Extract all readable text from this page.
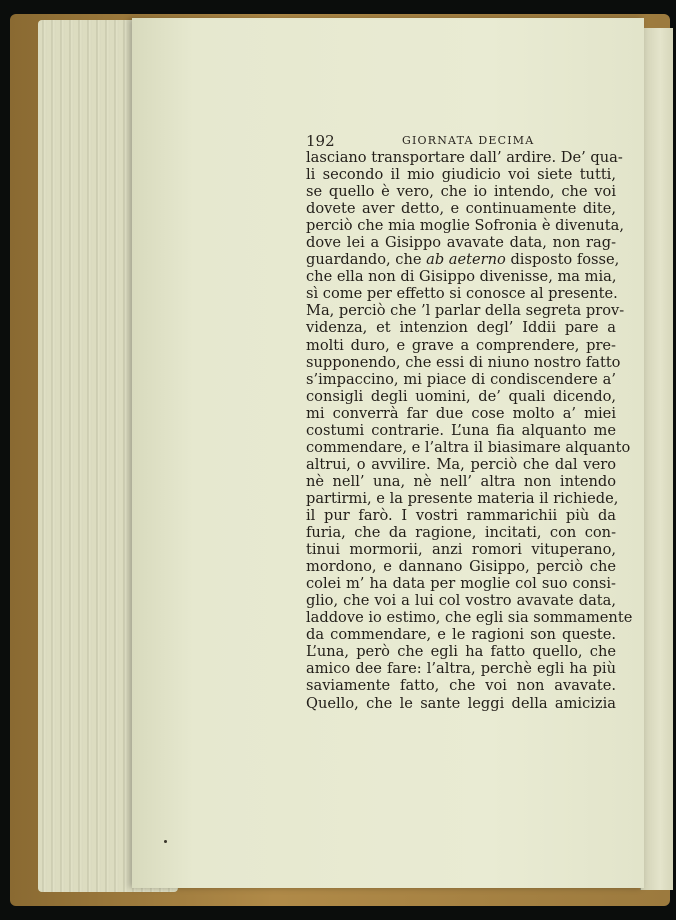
192	GIORNATA DECIMA
lasciano transportare dall’ ardire. De’ qua-
li secondo il mio giudicio voi siete tutti,
se quello è vero, che io intendo, che voi
dovete aver detto, e continuamente dite,
perciò che mia moglie Sofronia è divenuta,
dove lei a Gisippo avavate data, non rag-
guardando, che ab aeterno disposto fosse,
che ella non di Gisippo divenisse, ma mia,
sì come per effetto si conosce al presente.
Ma, perciò che ’l parlar della segreta prov-
videnza, et intenzion degl’ Iddii pare a
molti duro, e grave a comprendere, pre-
supponendo, che essi di niuno nostro fatto
s’impaccino, mi piace di condiscendere a’
consigli degli uomini, de’ quali dicendo,
mi converrà far due cose molto a’ miei
costumi contrarie. L’una fia alquanto me
commendare, e l’altra il biasimare alquanto
altrui, o avvilire. Ma, perciò che dal vero
nè nell’ una, nè nell’ altra non intendo
partirmi, e la presente materia il richiede,
il pur farò. I vostri rammarichii più da
furia, che da ragione, incitati, con con-
tinui mormorii, anzi romori vituperano,
mordono, e dannano Gisippo, perciò che
colei m’ ha data per moglie col suo consi-
glio, che voi a lui col vostro avavate data,
laddove io estimo, che egli sia sommamente
da commendare, e le ragioni son queste.
L’una, però che egli ha fatto quello, che
amico dee fare: l’altra, perchè egli ha più
saviamente fatto, che voi non avavate.
Quello, che le sante leggi della amicizia
